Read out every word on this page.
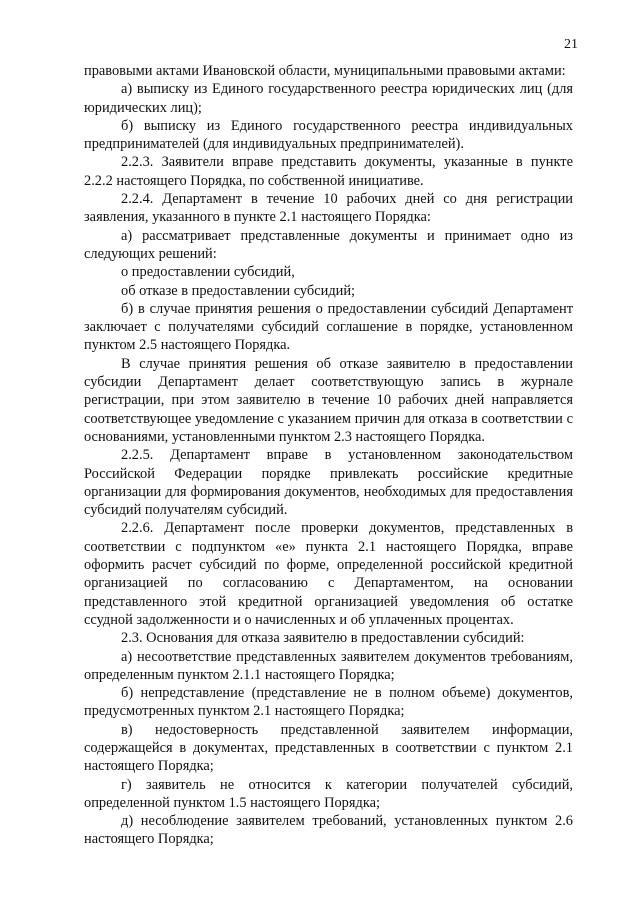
21

правовыми актами Ивановской области, муниципальными правовыми актами:

а) выписку из Единого государственного реестра юридических лиц (для юридических лиц);

б) выписку из Единого государственного реестра индивидуальных предпринимателей (для индивидуальных предпринимателей).

2.2.3. Заявители вправе представить документы, указанные в пункте 2.2.2 настоящего Порядка, по собственной инициативе.

2.2.4. Департамент в течение 10 рабочих дней со дня регистрации заявления, указанного в пункте 2.1 настоящего Порядка:

а) рассматривает представленные документы и принимает одно из следующих решений:

о предоставлении субсидий,

об отказе в предоставлении субсидий;

б) в случае принятия решения о предоставлении субсидий Департамент заключает с получателями субсидий соглашение в порядке, установленном пунктом 2.5 настоящего Порядка.

В случае принятия решения об отказе заявителю в предоставлении субсидии Департамент делает соответствующую запись в журнале регистрации, при этом заявителю в течение 10 рабочих дней направляется соответствующее уведомление с указанием причин для отказа в соответствии с основаниями, установленными пунктом 2.3 настоящего Порядка.

2.2.5. Департамент вправе в установленном законодательством Российской Федерации порядке привлекать российские кредитные организации для формирования документов, необходимых для предоставления субсидий получателям субсидий.

2.2.6. Департамент после проверки документов, представленных в соответствии с подпунктом «е» пункта 2.1 настоящего Порядка, вправе оформить расчет субсидий по форме, определенной российской кредитной организацией по согласованию с Департаментом, на основании представленного этой кредитной организацией уведомления об остатке ссудной задолженности и о начисленных и об уплаченных процентах.

2.3. Основания для отказа заявителю в предоставлении субсидий:

а) несоответствие представленных заявителем документов требованиям, определенным пунктом 2.1.1 настоящего Порядка;

б) непредставление (представление не в полном объеме) документов, предусмотренных пунктом 2.1 настоящего Порядка;

в) недостоверность представленной заявителем информации, содержащейся в документах, представленных в соответствии с пунктом 2.1 настоящего Порядка;

г) заявитель не относится к категории получателей субсидий, определенной пунктом 1.5 настоящего Порядка;

д) несоблюдение заявителем требований, установленных пунктом 2.6 настоящего Порядка;
